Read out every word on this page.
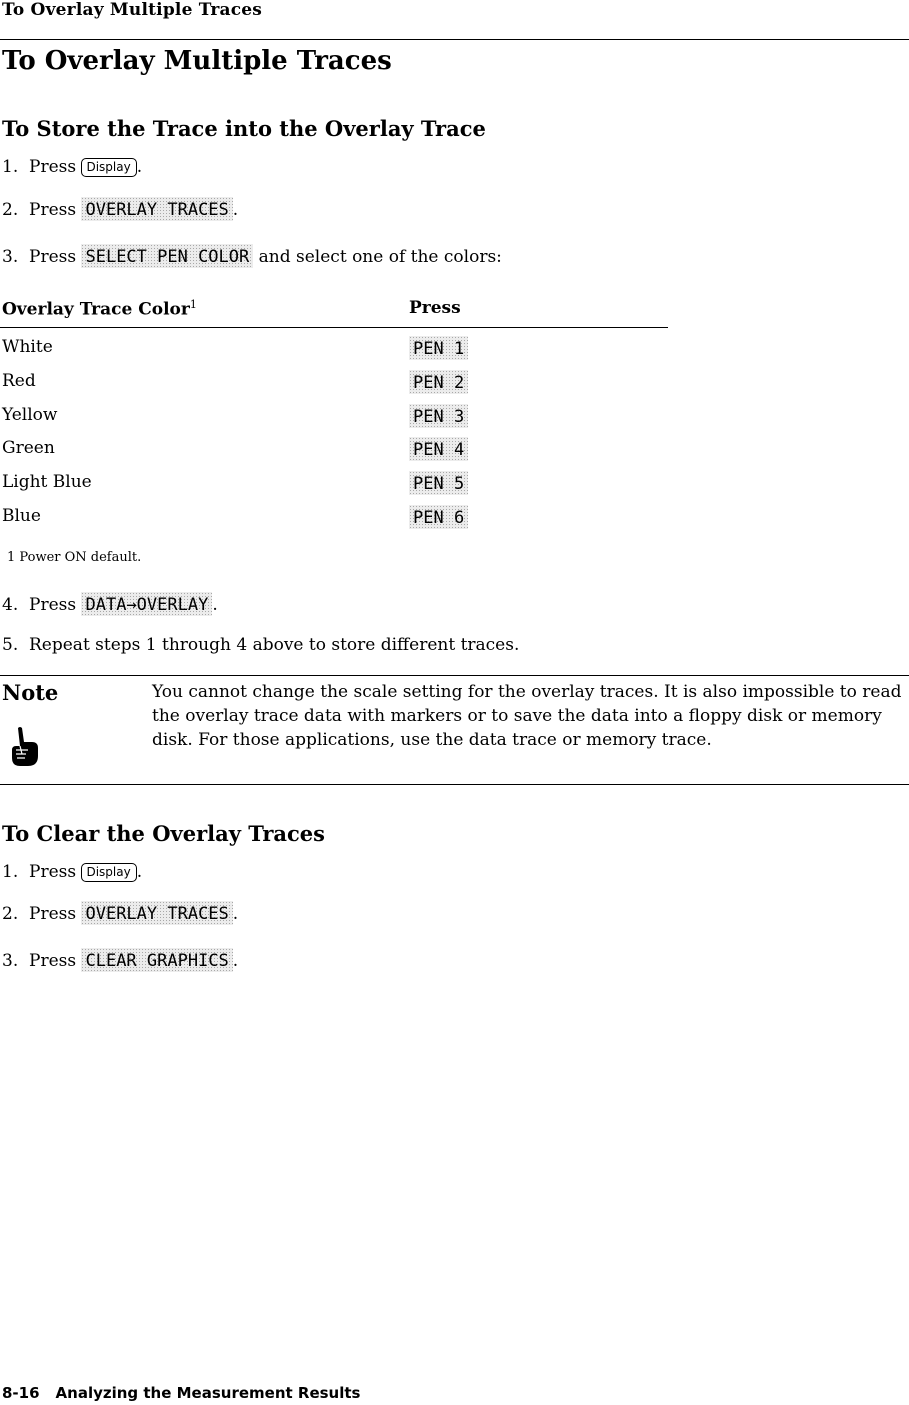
To Overlay Multiple Traces
To Overlay Multiple Traces
To Store the Trace into the Overlay Trace
1. Press Display .
2. Press OVERLAY TRACES .
3. Press SELECT PEN COLOR and select one of the colors:
Overlay Trace Color$^1$	Press
White	PEN 1
Red	PEN 2
Yellow	PEN 3
Green	PEN 4
Light Blue	PEN 5
Blue	PEN 6
1 Power ON default.
4. Press DATA→OVERLAY .
5. Repeat steps 1 through 4 above to store different traces.
Note	You cannot change the scale setting for the overlay traces. It is also impossible to read the overlay trace data with markers or to save the data into a floppy disk or memory disk. For those applications, use the data trace or memory trace.
To Clear the Overlay Traces
1. Press Display .
2. Press OVERLAY TRACES .
3. Press CLEAR GRAPHICS .
8-16 Analyzing the Measurement Results
